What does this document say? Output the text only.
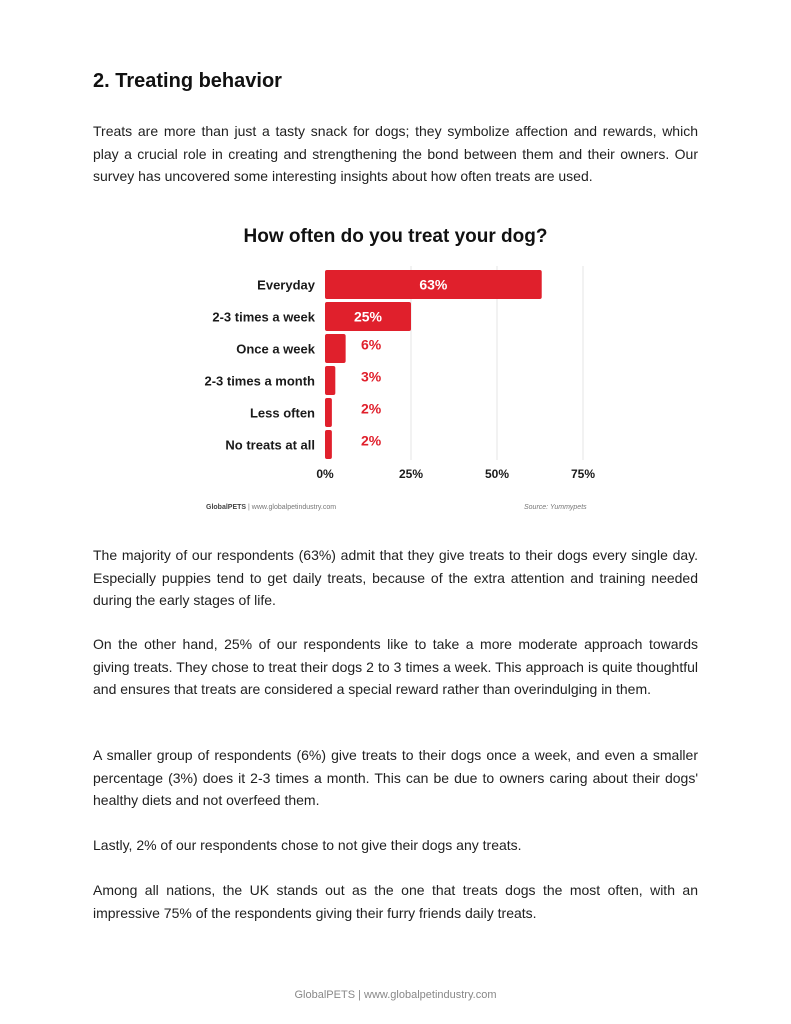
2. Treating behavior

Treats are more than just a tasty snack for dogs; they symbolize affection and rewards, which play a crucial role in creating and strengthening the bond between them and their owners. Our survey has uncovered some interesting insights about how often treats are used.

How often do you treat your dog?
Everyday
2-3 times a week
Once a week
2-3 times a month
Less often
No treats at all
63%
25%
6%
3%
2%
2%
0%	25%	50%	75%
GlobalPETS | www.globalpetindustry.com	Source: Yummypets

The majority of our respondents (63%) admit that they give treats to their dogs every single day. Especially puppies tend to get daily treats, because of the extra attention and training needed during the early stages of life.

On the other hand, 25% of our respondents like to take a more moderate approach towards giving treats. They chose to treat their dogs 2 to 3 times a week. This approach is quite thoughtful and ensures that treats are considered a special reward rather than overindulging in them.

A smaller group of respondents (6%) give treats to their dogs once a week, and even a smaller percentage (3%) does it 2-3 times a month. This can be due to owners caring about their dogs' healthy diets and not overfeed them.

Lastly, 2% of our respondents chose to not give their dogs any treats.

Among all nations, the UK stands out as the one that treats dogs the most often, with an impressive 75% of the respondents giving their furry friends daily treats.

GlobalPETS | www.globalpetindustry.com
